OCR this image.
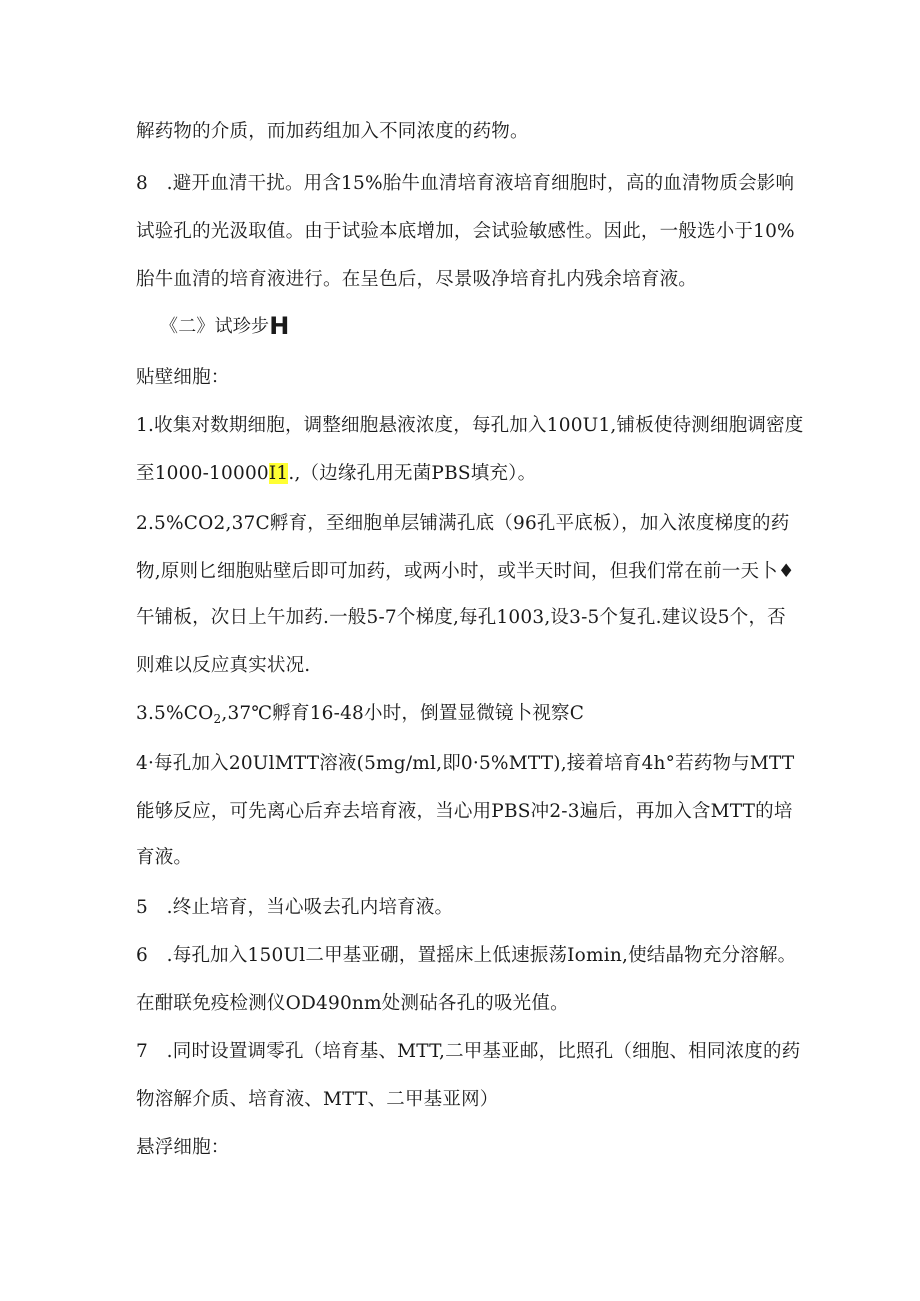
解药物的介质，而加药组加入不同浓度的药物。
8　.避开血清干扰。用含15%胎牛血清培育液培育细胞时，高的血清物质会影响
试验孔的光汲取值。由于试验本底增加，会试验敏感性。因此，一般选小于10%
胎牛血清的培育液进行。在呈色后，尽景吸净培育扎内残余培育液。
《二》试珍步H
贴壁细胞：
1.收集对数期细胞，调整细胞悬液浓度，每孔加入100U1,铺板使待测细胞调密度
至1000-10000I1.,（边缘孔用无菌PBS填充）。
2.5%CO2,37C孵育，至细胞单层铺满孔底（96孔平底板），加入浓度梯度的药
物,原则匕细胞贴壁后即可加药，或两小时，或半天时间，但我们常在前一天卜♦
午铺板，次日上午加药.一般5-7个梯度,每孔1003,设3-5个复孔.建议设5个，否
则难以反应真实状况.
$3.5\%CO_2,37℃$孵育16-48小时，倒置显微镜卜视察C
4·每孔加入20UlMTT溶液(5mg/ml,即0·5%MTT),接着培育4h°若药物与MTT
能够反应，可先离心后弃去培育液，当心用PBS冲2-3遍后，再加入含MTT的培
育液。
5　.终止培育，当心吸去孔内培育液。
6　.每孔加入150Ul二甲基亚硼，置摇床上低速振荡Iomin,使结晶物充分溶解。
在酣联免疫检测仪OD490nm处测砧各孔的吸光值。
7　.同时设置调零孔（培育基、MTT,二甲基亚邮，比照孔（细胞、相同浓度的药
物溶解介质、培育液、MTT、二甲基亚网）
悬浮细胞：
